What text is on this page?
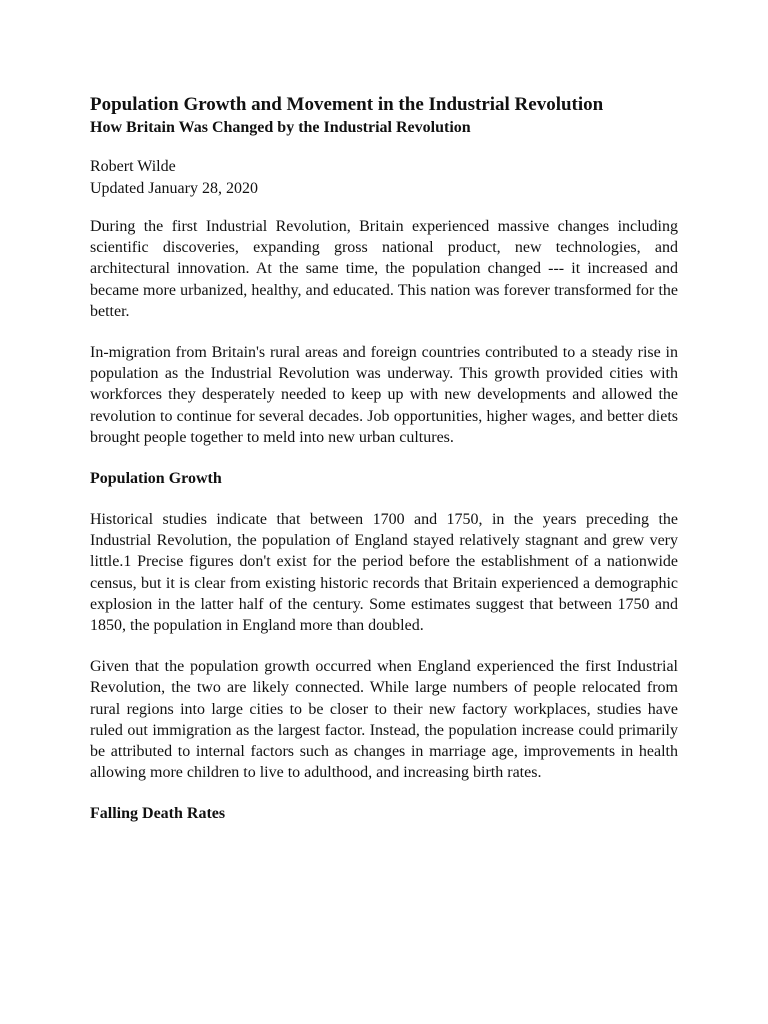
Population Growth and Movement in the Industrial Revolution
How Britain Was Changed by the Industrial Revolution
Robert Wilde
Updated January 28, 2020

During the first Industrial Revolution, Britain experienced massive changes including scientific discoveries, expanding gross national product, new technologies, and architectural innovation. At the same time, the population changed --- it increased and became more urbanized, healthy, and educated. This nation was forever transformed for the better.

In-migration from Britain's rural areas and foreign countries contributed to a steady rise in population as the Industrial Revolution was underway. This growth provided cities with workforces they desperately needed to keep up with new developments and allowed the revolution to continue for several decades. Job opportunities, higher wages, and better diets brought people together to meld into new urban cultures.

Population Growth

Historical studies indicate that between 1700 and 1750, in the years preceding the Industrial Revolution, the population of England stayed relatively stagnant and grew very little.1 Precise figures don't exist for the period before the establishment of a nationwide census, but it is clear from existing historic records that Britain experienced a demographic explosion in the latter half of the century. Some estimates suggest that between 1750 and 1850, the population in England more than doubled.

Given that the population growth occurred when England experienced the first Industrial Revolution, the two are likely connected. While large numbers of people relocated from rural regions into large cities to be closer to their new factory workplaces, studies have ruled out immigration as the largest factor. Instead, the population increase could primarily be attributed to internal factors such as changes in marriage age, improvements in health allowing more children to live to adulthood, and increasing birth rates.

Falling Death Rates
